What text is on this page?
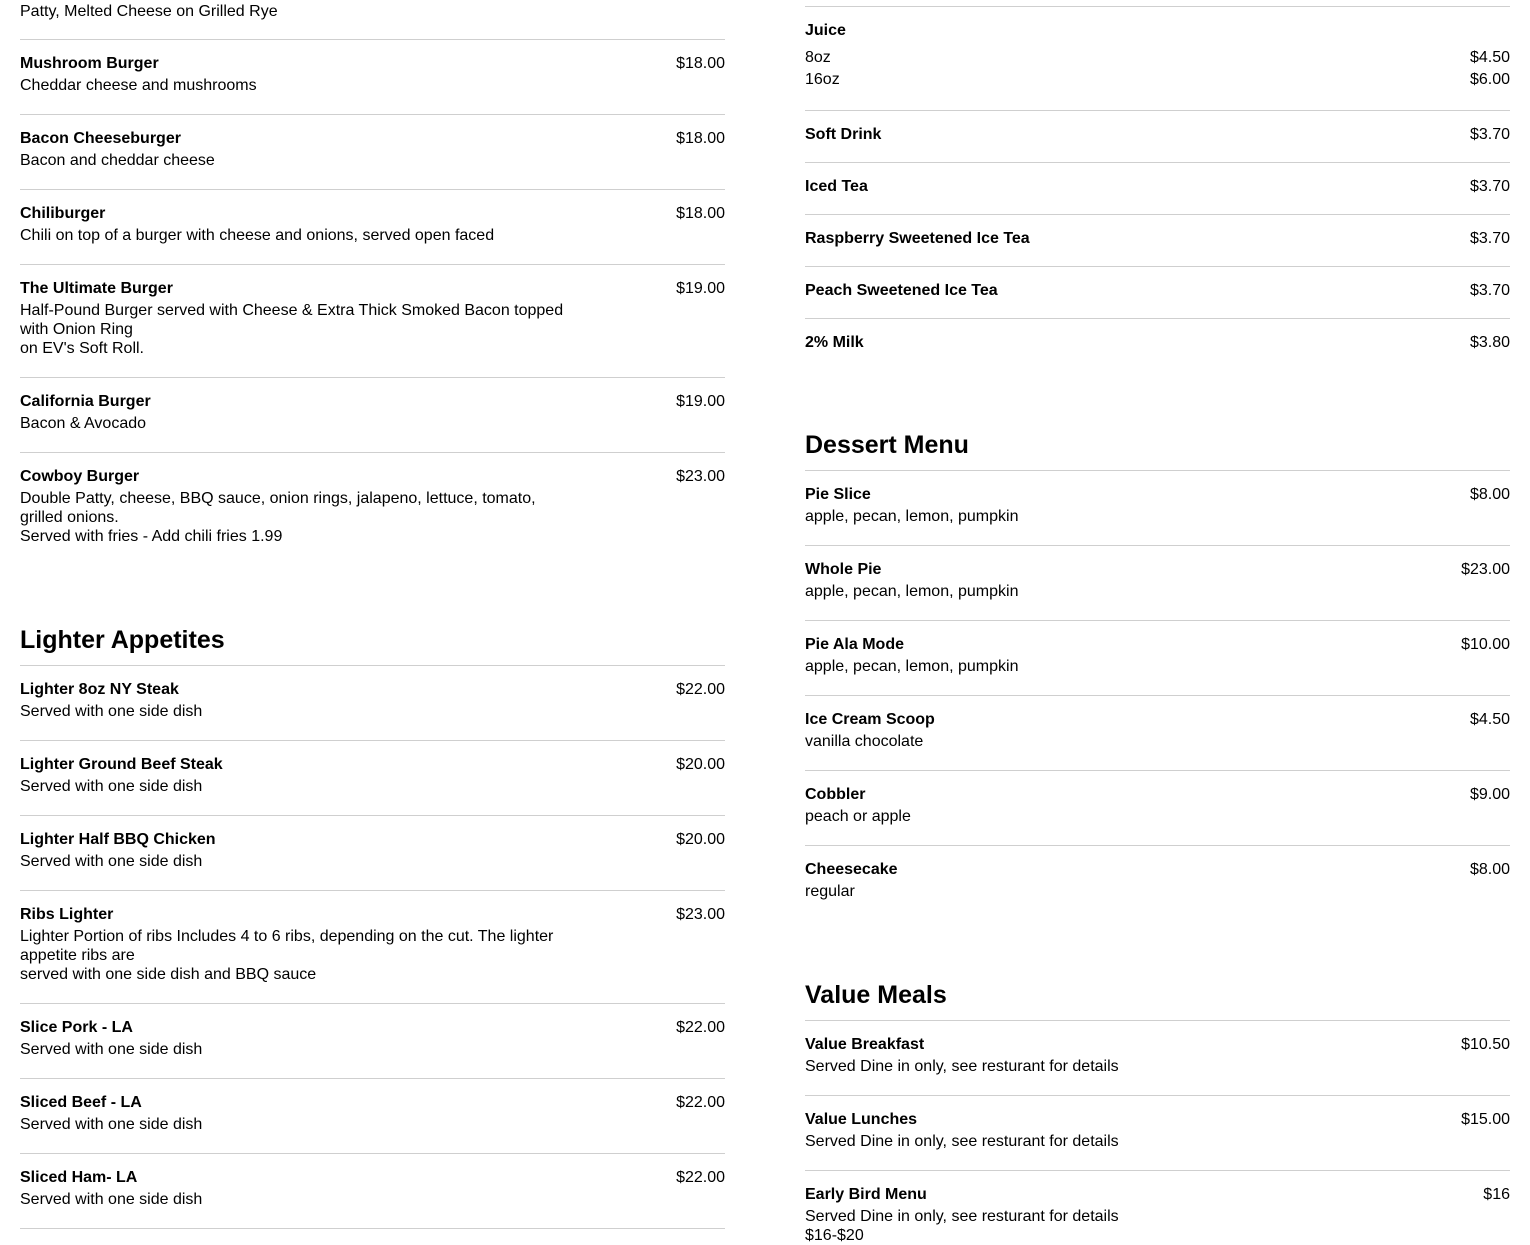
Patty, Melted Cheese on Grilled Rye
Mushroom Burger	$18.00
Cheddar cheese and mushrooms
Bacon Cheeseburger	$18.00
Bacon and cheddar cheese
Chiliburger	$18.00
Chili on top of a burger with cheese and onions, served open faced
The Ultimate Burger	$19.00
Half-Pound Burger served with Cheese & Extra Thick Smoked Bacon topped with Onion Ring
on EV's Soft Roll.
California Burger	$19.00
Bacon & Avocado
Cowboy Burger	$23.00
Double Patty, cheese, BBQ sauce, onion rings, jalapeno, lettuce, tomato, grilled onions.
Served with fries - Add chili fries 1.99
Lighter Appetites
Lighter 8oz NY Steak	$22.00
Served with one side dish
Lighter Ground Beef Steak	$20.00
Served with one side dish
Lighter Half BBQ Chicken	$20.00
Served with one side dish
Ribs Lighter	$23.00
Lighter Portion of ribs Includes 4 to 6 ribs, depending on the cut. The lighter appetite ribs are
served with one side dish and BBQ sauce
Slice Pork - LA	$22.00
Served with one side dish
Sliced Beef - LA	$22.00
Served with one side dish
Sliced Ham- LA	$22.00
Served with one side dish
Juice
8oz	$4.50
16oz	$6.00
Soft Drink	$3.70
Iced Tea	$3.70
Raspberry Sweetened Ice Tea	$3.70
Peach Sweetened Ice Tea	$3.70
2% Milk	$3.80
Dessert Menu
Pie Slice	$8.00
apple, pecan, lemon, pumpkin
Whole Pie	$23.00
apple, pecan, lemon, pumpkin
Pie Ala Mode	$10.00
apple, pecan, lemon, pumpkin
Ice Cream Scoop	$4.50
vanilla chocolate
Cobbler	$9.00
peach or apple
Cheesecake	$8.00
regular
Value Meals
Value Breakfast	$10.50
Served Dine in only, see resturant for details
Value Lunches	$15.00
Served Dine in only, see resturant for details
Early Bird Menu	$16
Served Dine in only, see resturant for details
$16-$20
